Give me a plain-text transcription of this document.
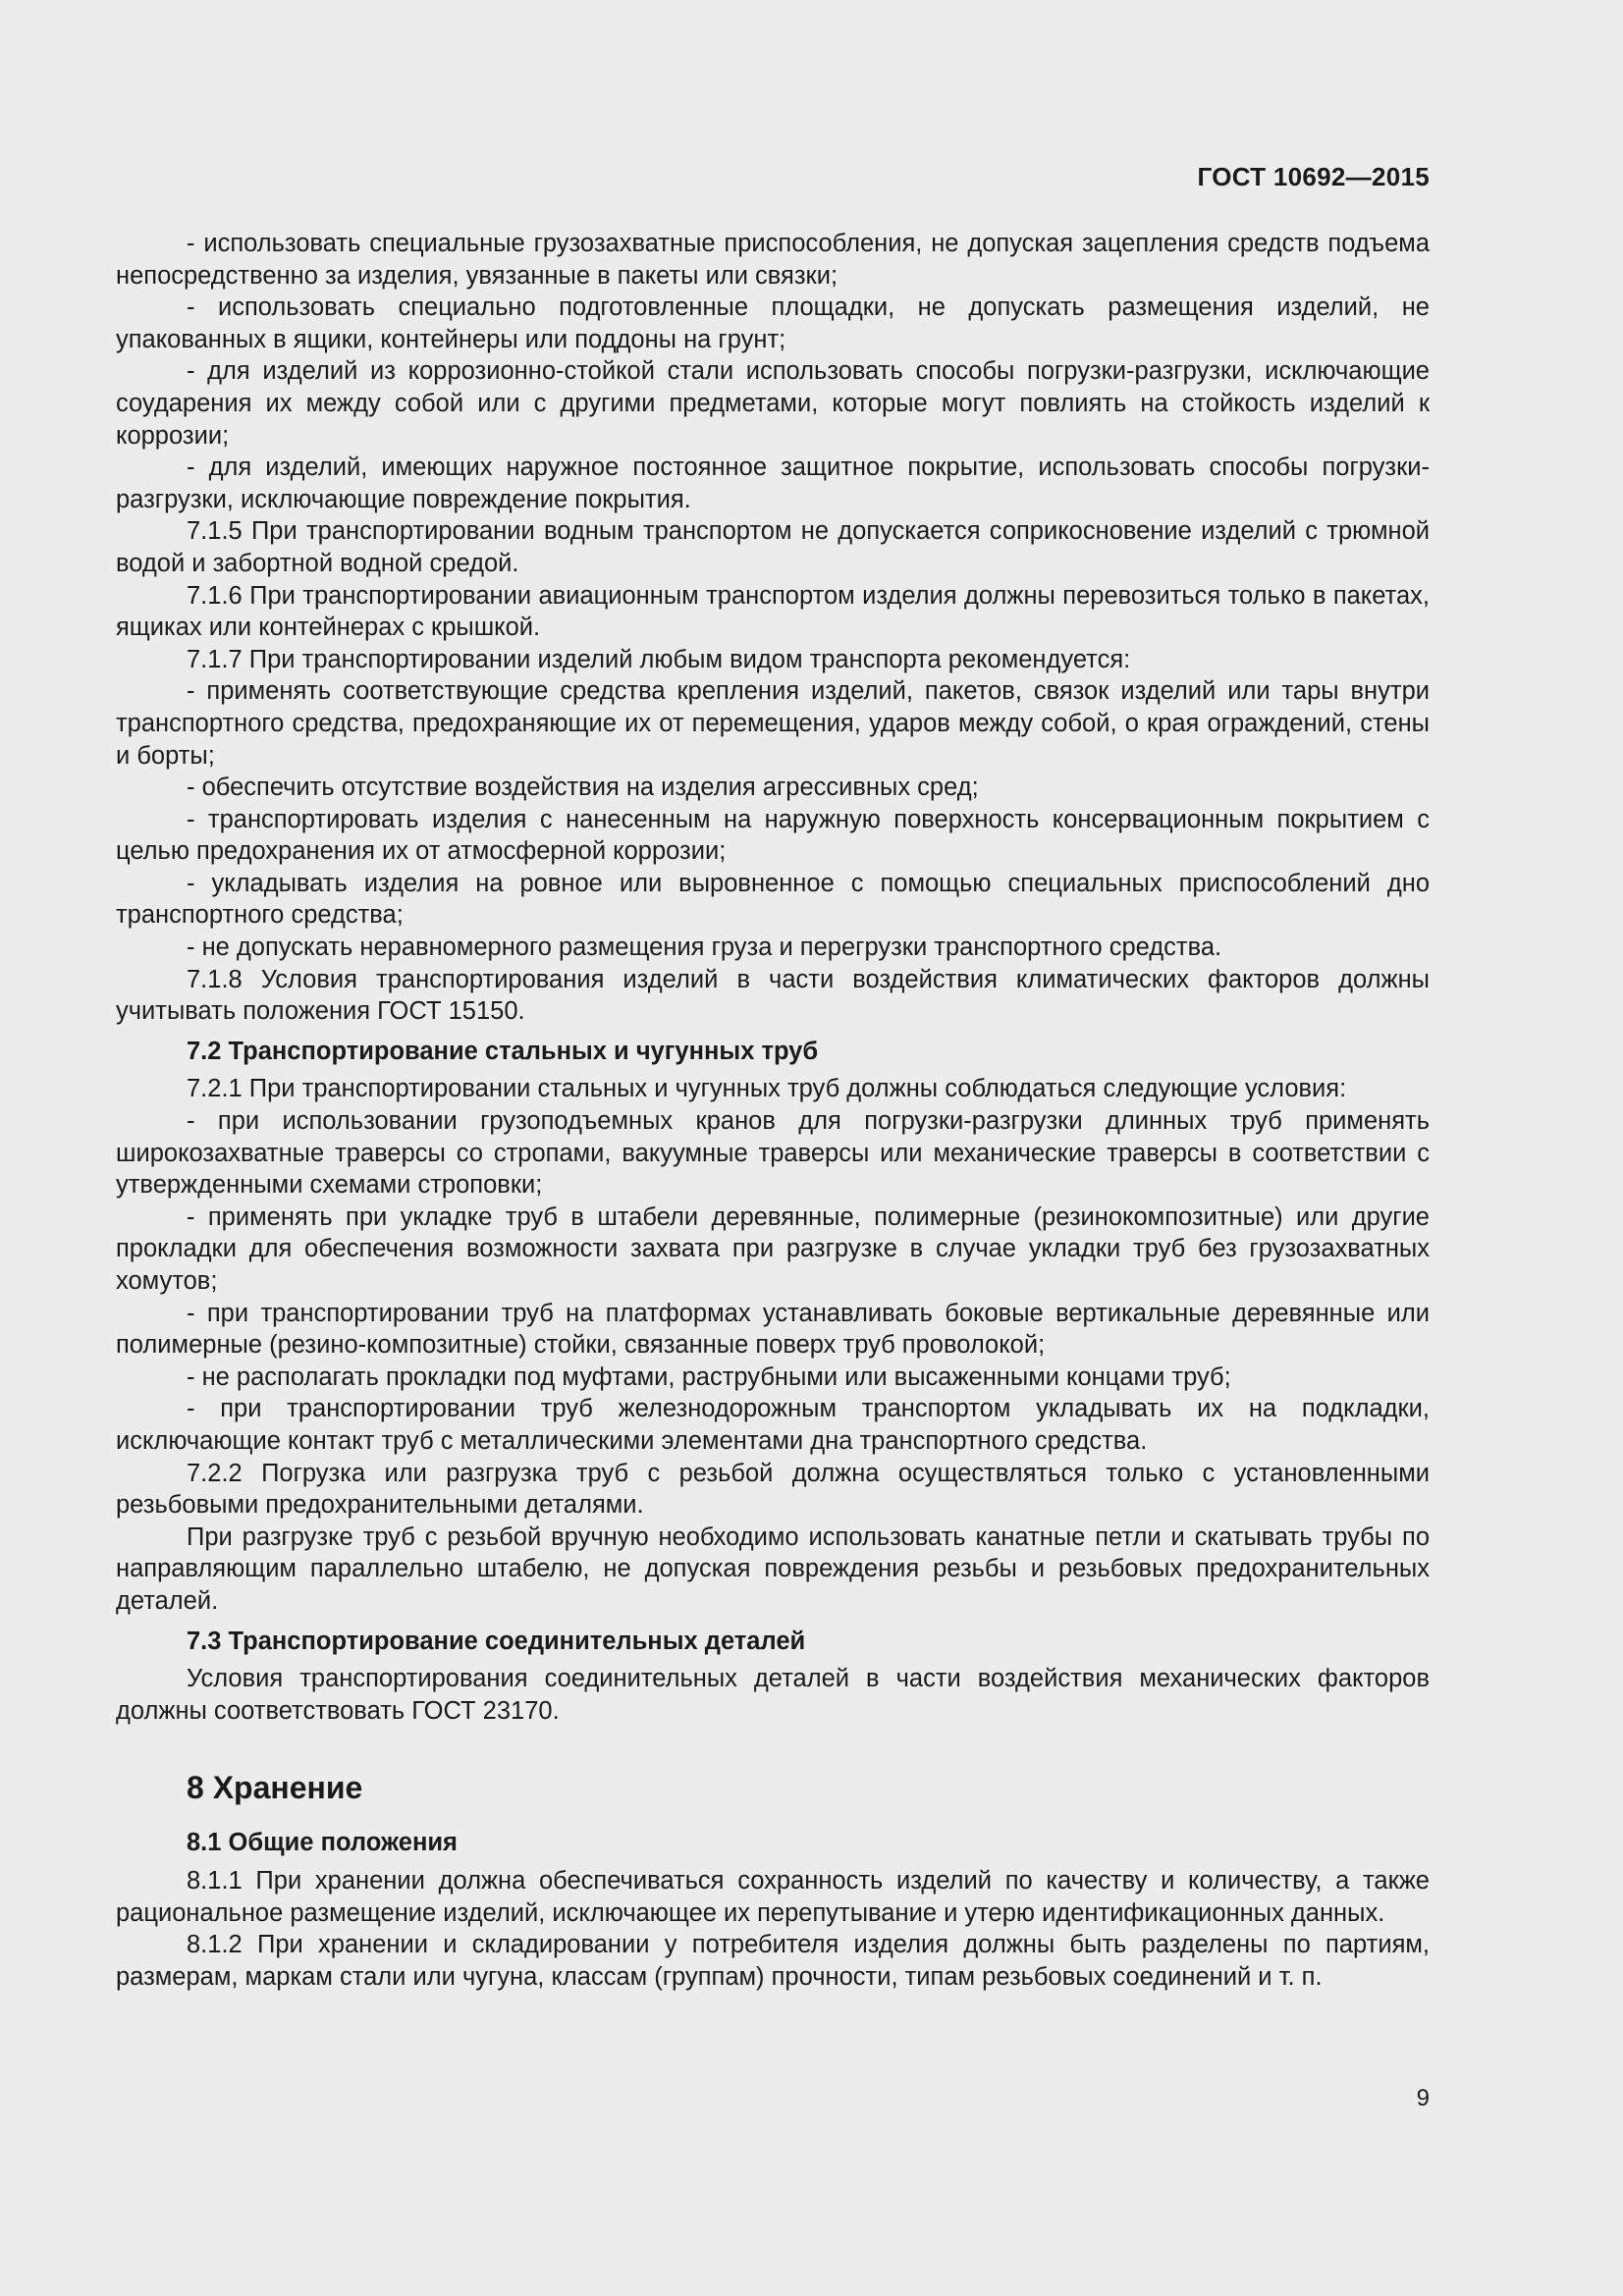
ГОСТ 10692—2015

- использовать специальные грузозахватные приспособления, не допуская зацепления средств подъема непосредственно за изделия, увязанные в пакеты или связки;

- использовать специально подготовленные площадки, не допускать размещения изделий, не упакованных в ящики, контейнеры или поддоны на грунт;

- для изделий из коррозионно-стойкой стали использовать способы погрузки-разгрузки, исключающие соударения их между собой или с другими предметами, которые могут повлиять на стойкость изделий к коррозии;

- для изделий, имеющих наружное постоянное защитное покрытие, использовать способы погрузки-разгрузки, исключающие повреждение покрытия.

7.1.5 При транспортировании водным транспортом не допускается соприкосновение изделий с трюмной водой и забортной водной средой.

7.1.6 При транспортировании авиационным транспортом изделия должны перевозиться только в пакетах, ящиках или контейнерах с крышкой.

7.1.7 При транспортировании изделий любым видом транспорта рекомендуется:

- применять соответствующие средства крепления изделий, пакетов, связок изделий или тары внутри транспортного средства, предохраняющие их от перемещения, ударов между собой, о края ограждений, стены и борты;

- обеспечить отсутствие воздействия на изделия агрессивных сред;

- транспортировать изделия с нанесенным на наружную поверхность консервационным покрытием с целью предохранения их от атмосферной коррозии;

- укладывать изделия на ровное или выровненное с помощью специальных приспособлений дно транспортного средства;

- не допускать неравномерного размещения груза и перегрузки транспортного средства.

7.1.8 Условия транспортирования изделий в части воздействия климатических факторов должны учитывать положения ГОСТ 15150.

7.2 Транспортирование стальных и чугунных труб

7.2.1 При транспортировании стальных и чугунных труб должны соблюдаться следующие условия:

- при использовании грузоподъемных кранов для погрузки-разгрузки длинных труб применять широкозахватные траверсы со стропами, вакуумные траверсы или механические траверсы в соответствии с утвержденными схемами строповки;

- применять при укладке труб в штабели деревянные, полимерные (резинокомпозитные) или другие прокладки для обеспечения возможности захвата при разгрузке в случае укладки труб без грузозахватных хомутов;

- при транспортировании труб на платформах устанавливать боковые вертикальные деревянные или полимерные (резино-композитные) стойки, связанные поверх труб проволокой;

- не располагать прокладки под муфтами, раструбными или высаженными концами труб;

- при транспортировании труб железнодорожным транспортом укладывать их на подкладки, исключающие контакт труб с металлическими элементами дна транспортного средства.

7.2.2 Погрузка или разгрузка труб с резьбой должна осуществляться только с установленными резьбовыми предохранительными деталями.

При разгрузке труб с резьбой вручную необходимо использовать канатные петли и скатывать трубы по направляющим параллельно штабелю, не допуская повреждения резьбы и резьбовых предохранительных деталей.

7.3 Транспортирование соединительных деталей

Условия транспортирования соединительных деталей в части воздействия механических факторов должны соответствовать ГОСТ 23170.

8 Хранение
8.1 Общие положения

8.1.1 При хранении должна обеспечиваться сохранность изделий по качеству и количеству, а также рациональное размещение изделий, исключающее их перепутывание и утерю идентификационных данных.

8.1.2 При хранении и складировании у потребителя изделия должны быть разделены по партиям, размерам, маркам стали или чугуна, классам (группам) прочности, типам резьбовых соединений и т. п.

9
